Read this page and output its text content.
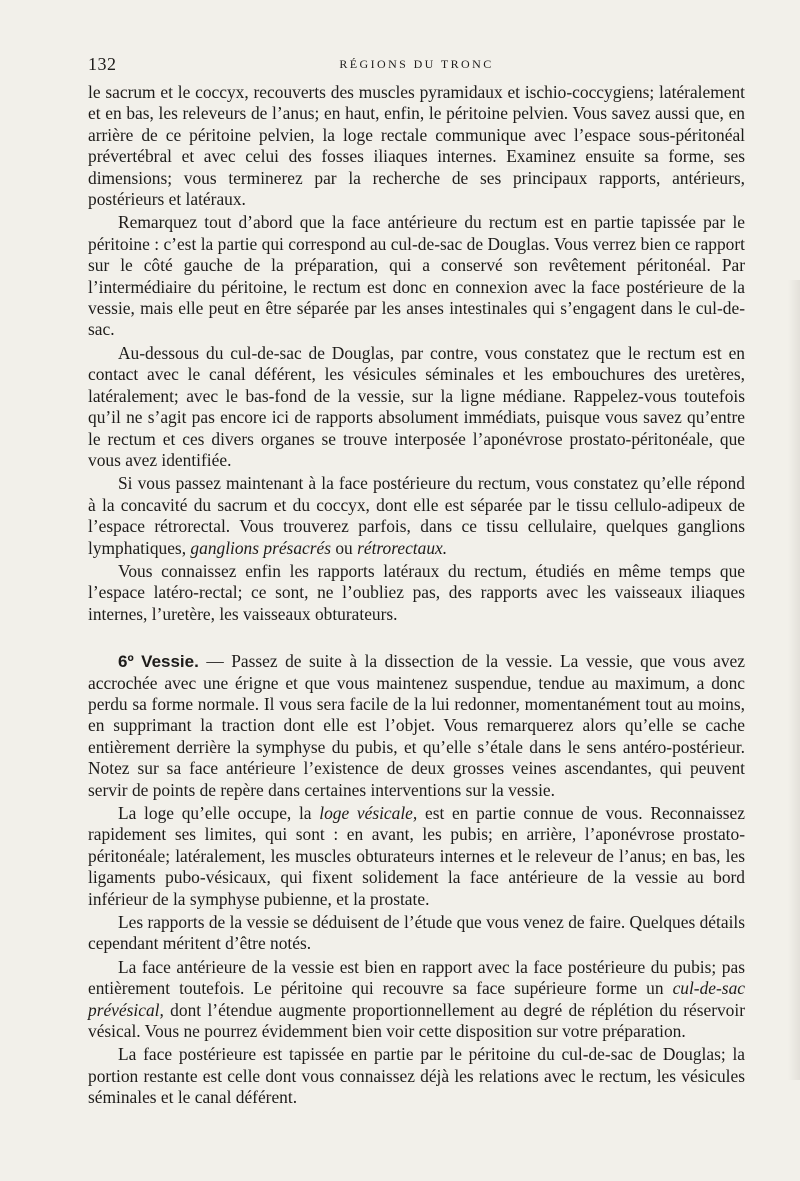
132	RÉGIONS DU TRONC

le sacrum et le coccyx, recouverts des muscles pyramidaux et ischio-coccygiens; latéralement et en bas, les releveurs de l’anus; en haut, enfin, le péritoine pelvien. Vous savez aussi que, en arrière de ce péritoine pelvien, la loge rectale communique avec l’espace sous-péritonéal prévertébral et avec celui des fosses iliaques internes. Examinez ensuite sa forme, ses dimensions; vous terminerez par la recherche de ses principaux rapports, antérieurs, postérieurs et latéraux.

Remarquez tout d’abord que la face antérieure du rectum est en partie tapissée par le péritoine : c’est la partie qui correspond au cul-de-sac de Douglas. Vous verrez bien ce rapport sur le côté gauche de la préparation, qui a conservé son revêtement péritonéal. Par l’intermédiaire du péritoine, le rectum est donc en connexion avec la face postérieure de la vessie, mais elle peut en être séparée par les anses intestinales qui s’engagent dans le cul-de-sac.

Au-dessous du cul-de-sac de Douglas, par contre, vous constatez que le rectum est en contact avec le canal déférent, les vésicules séminales et les embouchures des uretères, latéralement; avec le bas-fond de la vessie, sur la ligne médiane. Rappelez-vous toutefois qu’il ne s’agit pas encore ici de rapports absolument immédiats, puisque vous savez qu’entre le rectum et ces divers organes se trouve interposée l’aponévrose prostato-péritonéale, que vous avez identifiée.

Si vous passez maintenant à la face postérieure du rectum, vous constatez qu’elle répond à la concavité du sacrum et du coccyx, dont elle est séparée par le tissu cellulo-adipeux de l’espace rétrorectal. Vous trouverez parfois, dans ce tissu cellulaire, quelques ganglions lymphatiques, ganglions présacrés ou rétrorectaux.

Vous connaissez enfin les rapports latéraux du rectum, étudiés en même temps que l’espace latéro-rectal; ce sont, ne l’oubliez pas, des rapports avec les vaisseaux iliaques internes, l’uretère, les vaisseaux obturateurs.

6º Vessie. — Passez de suite à la dissection de la vessie. La vessie, que vous avez accrochée avec une érigne et que vous maintenez suspendue, tendue au maximum, a donc perdu sa forme normale. Il vous sera facile de la lui redonner, momentanément tout au moins, en supprimant la traction dont elle est l’objet. Vous remarquerez alors qu’elle se cache entièrement derrière la symphyse du pubis, et qu’elle s’étale dans le sens antéro-postérieur. Notez sur sa face antérieure l’existence de deux grosses veines ascendantes, qui peuvent servir de points de repère dans certaines interventions sur la vessie.

La loge qu’elle occupe, la loge vésicale, est en partie connue de vous. Reconnaissez rapidement ses limites, qui sont : en avant, les pubis; en arrière, l’aponévrose prostato-péritonéale; latéralement, les muscles obturateurs internes et le releveur de l’anus; en bas, les ligaments pubo-vésicaux, qui fixent solidement la face antérieure de la vessie au bord inférieur de la symphyse pubienne, et la prostate.

Les rapports de la vessie se déduisent de l’étude que vous venez de faire. Quelques détails cependant méritent d’être notés.

La face antérieure de la vessie est bien en rapport avec la face postérieure du pubis; pas entièrement toutefois. Le péritoine qui recouvre sa face supérieure forme un cul-de-sac prévésical, dont l’étendue augmente proportionnellement au degré de réplétion du réservoir vésical. Vous ne pourrez évidemment bien voir cette disposition sur votre préparation.

La face postérieure est tapissée en partie par le péritoine du cul-de-sac de Douglas; la portion restante est celle dont vous connaissez déjà les relations avec le rectum, les vésicules séminales et le canal déférent.
